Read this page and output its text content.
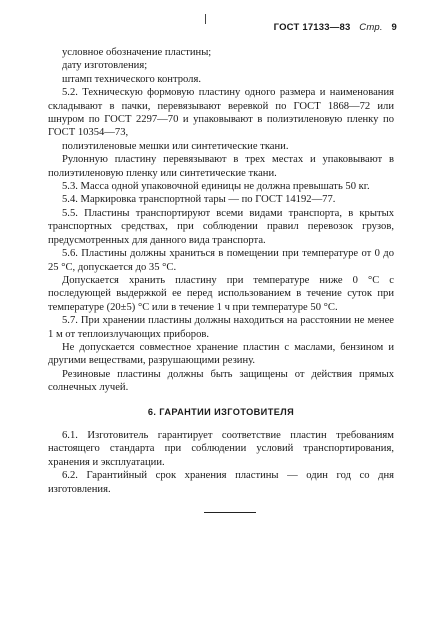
ГОСТ 17133—83 Стр. 9

условное обозначение пластины;

дату изготовления;

штамп технического контроля.

5.2. Техническую формовую пластину одного размера и наименования складывают в пачки, перевязывают веревкой по ГОСТ 1868—72 или шнуром по ГОСТ 2297—70 и упаковывают в полиэтиленовую пленку по ГОСТ 10354—73,

полиэтиленовые мешки или синтетические ткани.

Рулонную пластину перевязывают в трех местах и упаковывают в полиэтиленовую пленку или синтетические ткани.

5.3. Масса одной упаковочной единицы не должна превышать 50 кг.

5.4. Маркировка транспортной тары — по ГОСТ 14192—77.

5.5. Пластины транспортируют всеми видами транспорта, в крытых транспортных средствах, при соблюдении правил перевозок грузов, предусмотренных для данного вида транспорта.

5.6. Пластины должны храниться в помещении при температуре от 0 до 25 °С, допускается до 35 °С.

Допускается хранить пластину при температуре ниже 0 °С с последующей выдержкой ее перед использованием в течение суток при температуре (20±5) °С или в течение 1 ч при температуре 50 °С.

5.7. При хранении пластины должны находиться на расстоянии не менее 1 м от теплоизлучающих приборов.

Не допускается совместное хранение пластин с маслами, бензином и другими веществами, разрушающими резину.

Резиновые пластины должны быть защищены от действия прямых солнечных лучей.

6. ГАРАНТИИ ИЗГОТОВИТЕЛЯ

6.1. Изготовитель гарантирует соответствие пластин требованиям настоящего стандарта при соблюдении условий транспортирования, хранения и эксплуатации.

6.2. Гарантийный срок хранения пластины — один год со дня изготовления.
